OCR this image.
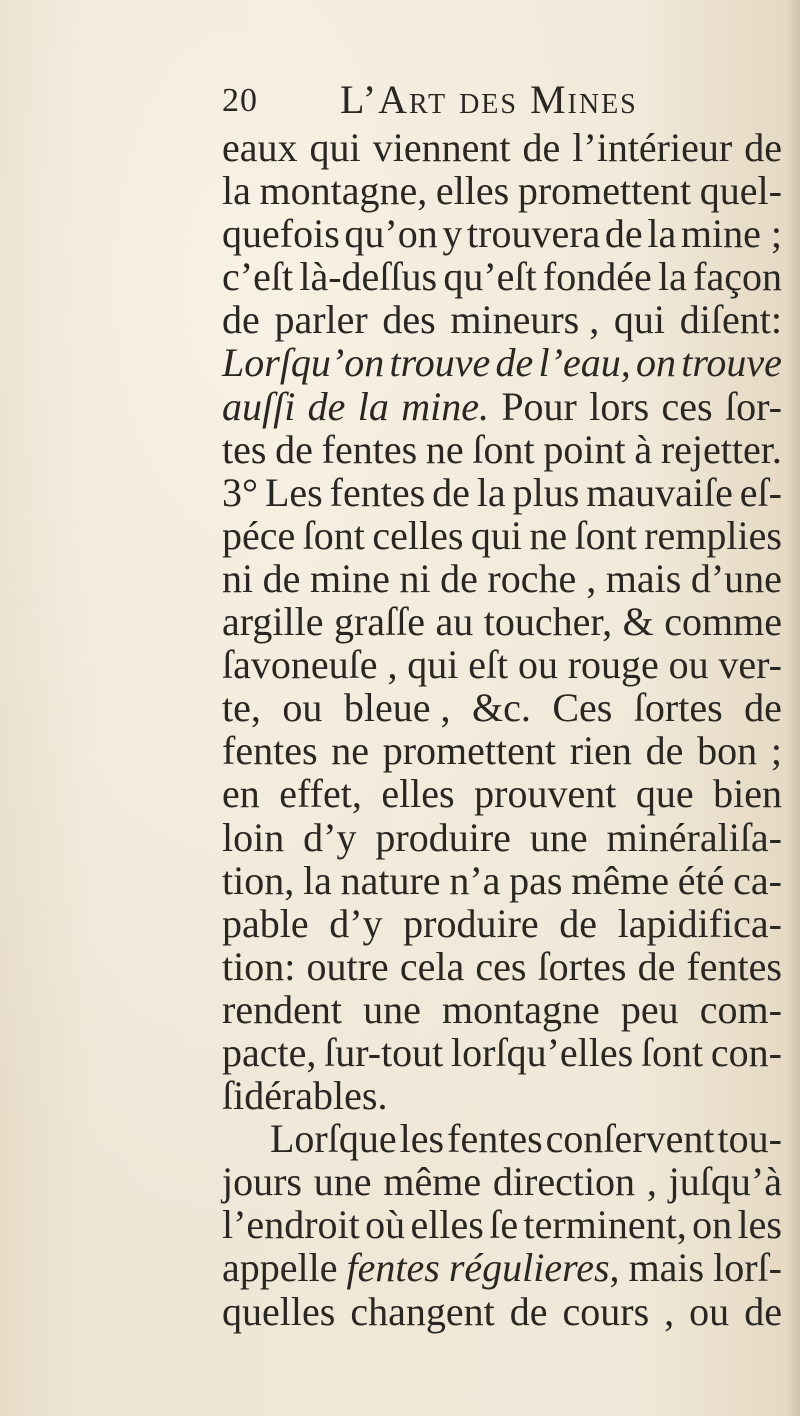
20 L’Art des Mines
eaux qui viennent de l’intérieur de
la montagne, elles promettent quel-
quefois qu’on y trouvera de la mine ;
c’eſt là-deſſus qu’eſt fondée la façon
de parler des mineurs , qui diſent:
Lorſqu’on trouve de l’eau, on trouve
auſſi de la mine. Pour lors ces ſor-
tes de fentes ne ſont point à rejetter.
3° Les fentes de la plus mauvaiſe eſ-
péce ſont celles qui ne ſont remplies
ni de mine ni de roche , mais d’une
argille graſſe au toucher, & comme
ſavoneuſe , qui eſt ou rouge ou ver-
te, ou bleue , &c. Ces ſortes de
fentes ne promettent rien de bon ;
en effet, elles prouvent que bien
loin d’y produire une minéraliſa-
tion, la nature n’a pas même été ca-
pable d’y produire de lapidifica-
tion: outre cela ces ſortes de fentes
rendent une montagne peu com-
pacte, ſur-tout lorſqu’elles ſont con-
ſidérables.
Lorſque les fentes conſervent tou-
jours une même direction , juſqu’à
l’endroit où elles ſe terminent, on les
appelle fentes régulieres, mais lorſ-
quelles changent de cours , ou de
